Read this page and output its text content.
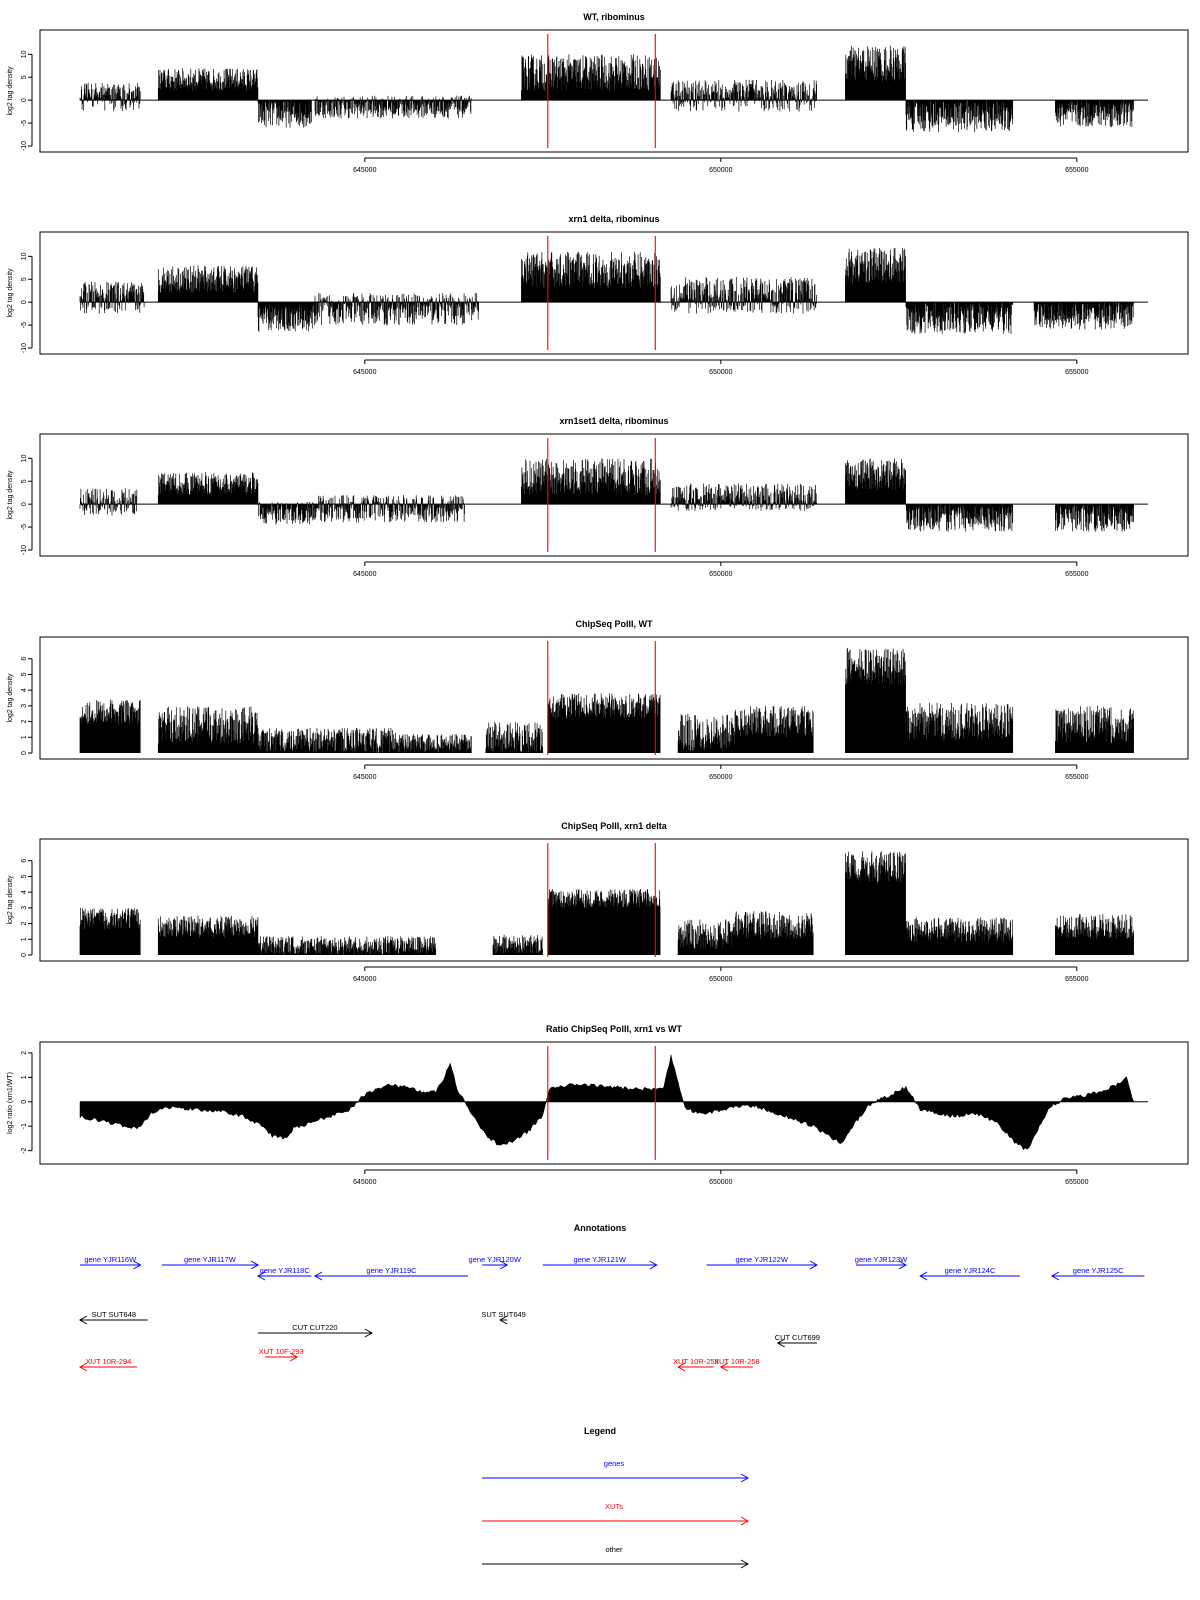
WT, ribominus
-10
-5
0
5
10
log2 tag density
645000	650000	655000
xrn1 delta, ribominus
-10
-5
0
5
10
log2 tag density
645000	650000	655000
xrn1set1 delta, ribominus
-10
-5
0
5
10
log2 tag density
645000	650000	655000
ChipSeq PolII, WT
0
1
2
3
4
5
6
log2 tag density
645000	650000	655000
ChipSeq PolII, xrn1 delta
0
1
2
3
4
5
6
log2 tag density
645000	650000	655000
Ratio ChipSeq PolII, xrn1 vs WT
-2
-1
0
1
2
log2 ratio (xrn1/WT)
645000	650000	655000
Annotations
gene YJR116W	gene YJR117W
gene YJR118C	gene YJR119C
gene YJR120W	gene YJR121W	gene YJR122W	gene YJR123W
gene YJR124C	gene YJR125C
SUT SUT648
CUT CUT220
SUT SUT649
CUT CUT699
XUT 10R-294
XUT 10F-293
XUT 10R-259
XUT 10R-258
Legend
genes
XUTs
other
